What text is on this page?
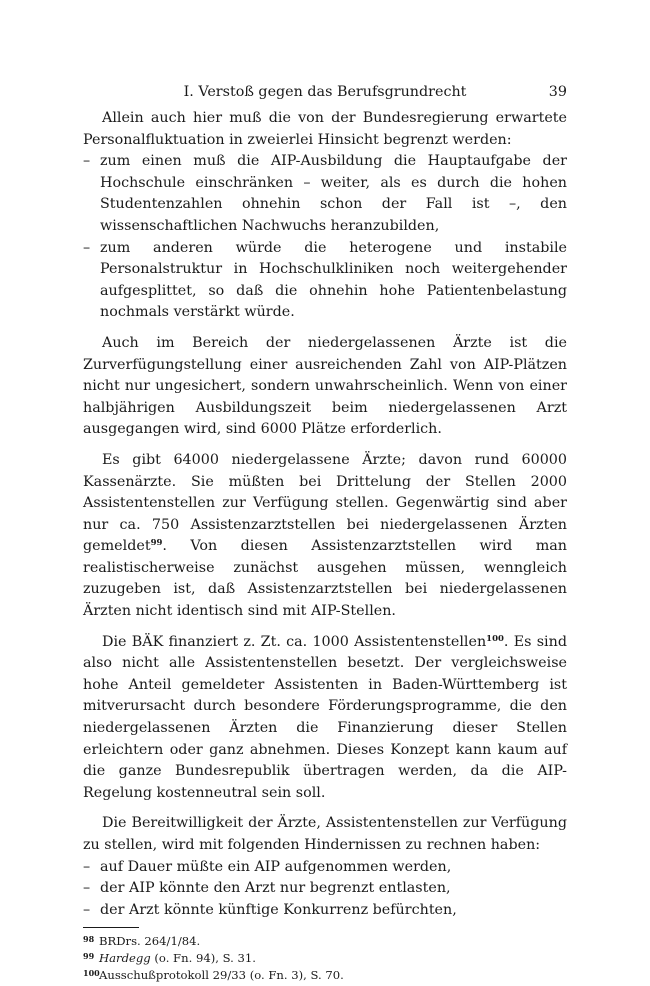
I. Verstoß gegen das Berufsgrundrecht	39

Allein auch hier muß die von der Bundesregierung erwartete Personalfluktuation in zweierlei Hinsicht begrenzt werden:

– zum einen muß die AIP-Ausbildung die Hauptaufgabe der Hochschule einschränken – weiter, als es durch die hohen Studentenzahlen ohnehin schon der Fall ist –, den wissenschaftlichen Nachwuchs heranzubilden,
– zum anderen würde die heterogene und instabile Personalstruktur in Hochschulkliniken noch weitergehender aufgesplittet, so daß die ohnehin hohe Patientenbelastung nochmals verstärkt würde.

Auch im Bereich der niedergelassenen Ärzte ist die Zurverfügungstellung einer ausreichenden Zahl von AIP-Plätzen nicht nur ungesichert, sondern unwahrscheinlich. Wenn von einer halbjährigen Ausbildungszeit beim niedergelassenen Arzt ausgegangen wird, sind 6000 Plätze erforderlich.

Es gibt 64000 niedergelassene Ärzte; davon rund 60000 Kassenärzte. Sie müßten bei Drittelung der Stellen 2000 Assistentenstellen zur Verfügung stellen. Gegenwärtig sind aber nur ca. 750 Assistenzarztstellen bei niedergelassenen Ärzten gemeldet$^{99}$. Von diesen Assistenzarztstellen wird man realistischerweise zunächst ausgehen müssen, wenngleich zuzugeben ist, daß Assistenzarztstellen bei niedergelassenen Ärzten nicht identisch sind mit AIP-Stellen.

Die BÄK finanziert z. Zt. ca. 1000 Assistentenstellen$^{100}$. Es sind also nicht alle Assistentenstellen besetzt. Der vergleichsweise hohe Anteil gemeldeter Assistenten in Baden-Württemberg ist mitverursacht durch besondere Förderungsprogramme, die den niedergelassenen Ärzten die Finanzierung dieser Stellen erleichtern oder ganz abnehmen. Dieses Konzept kann kaum auf die ganze Bundesrepublik übertragen werden, da die AIP-Regelung kostenneutral sein soll.

Die Bereitwilligkeit der Ärzte, Assistentenstellen zur Verfügung zu stellen, wird mit folgenden Hindernissen zu rechnen haben:

– auf Dauer müßte ein AIP aufgenommen werden,
– der AIP könnte den Arzt nur begrenzt entlasten,
– der Arzt könnte künftige Konkurrenz befürchten,
98 BRDrs. 264/1/84.
99 Hardegg (o. Fn. 94), S. 31.
100 Ausschußprotokoll 29/33 (o. Fn. 3), S. 70.
